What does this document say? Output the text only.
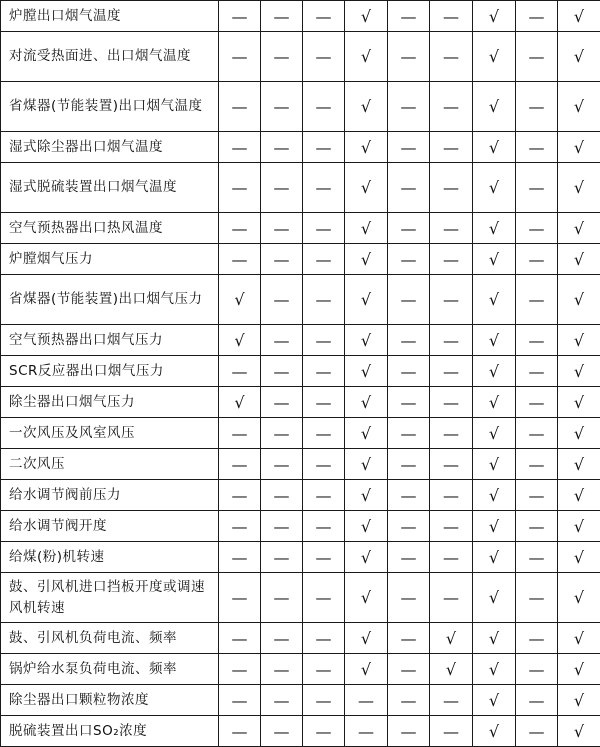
炉膛出口烟气温度	—	—	—	√	—	—	√	—	√
对流受热面进、出口烟气温度	—	—	—	√	—	—	√	—	√
省煤器(节能装置)出口烟气温度	—	—	—	√	—	—	√	—	√
湿式除尘器出口烟气温度	—	—	—	√	—	—	√	—	√
湿式脱硫装置出口烟气温度	—	—	—	√	—	—	√	—	√
空气预热器出口热风温度	—	—	—	√	—	—	√	—	√
炉膛烟气压力	—	—	—	√	—	—	√	—	√
省煤器(节能装置)出口烟气压力	√	—	—	√	—	—	√	—	√
空气预热器出口烟气压力	√	—	—	√	—	—	√	—	√
SCR反应器出口烟气压力	—	—	—	√	—	—	√	—	√
除尘器出口烟气压力	√	—	—	√	—	—	√	—	√
一次风压及风室风压	—	—	—	√	—	—	√	—	√
二次风压	—	—	—	√	—	—	√	—	√
给水调节阀前压力	—	—	—	√	—	—	√	—	√
给水调节阀开度	—	—	—	√	—	—	√	—	√
给煤(粉)机转速	—	—	—	√	—	—	√	—	√
鼓、引风机进口挡板开度或调速风机转速	—	—	—	√	—	—	√	—	√
鼓、引风机负荷电流、频率	—	—	—	√	—	√	√	—	√
锅炉给水泵负荷电流、频率	—	—	—	√	—	√	√	—	√
除尘器出口颗粒物浓度	—	—	—	—	—	—	√	—	√
脱硫装置出口SO₂浓度	—	—	—	—	—	—	√	—	√
